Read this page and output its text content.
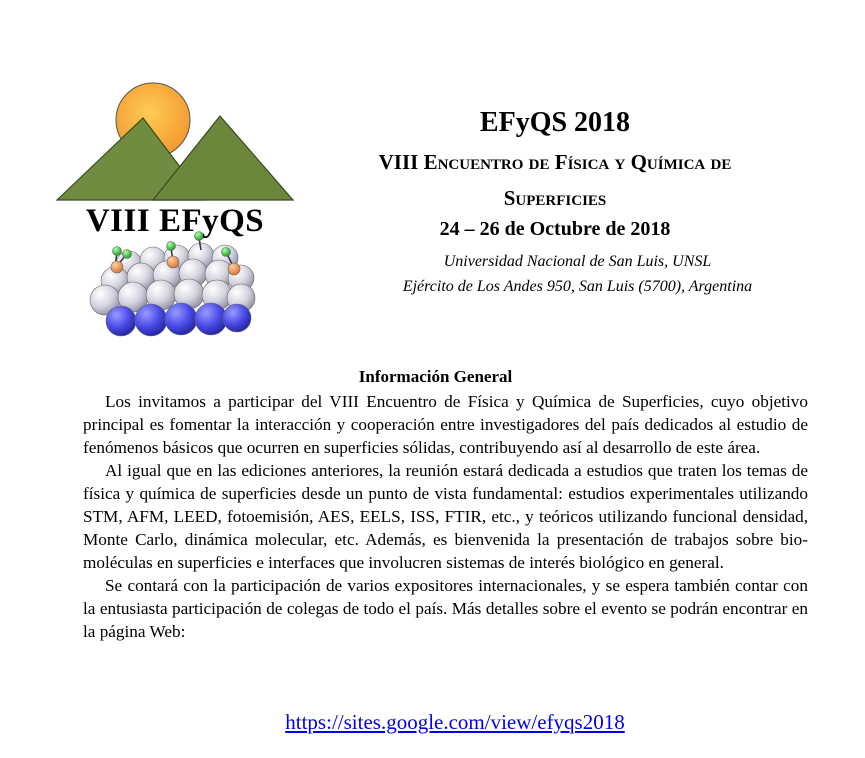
VIII EFyQS

EFyQS 2018

VIII Encuentro de Física y Química de
Superficies

24 – 26 de Octubre de 2018

Universidad Nacional de San Luis, UNSL
Ejército de Los Andes 950, San Luis (5700), Argentina

Información General

Los invitamos a participar del VIII Encuentro de Física y Química de Superficies, cuyo objetivo principal es fomentar la interacción y cooperación entre investigadores del país dedicados al estudio de fenómenos básicos que ocurren en superficies sólidas, contribuyendo así al desarrollo de este área.

Al igual que en las ediciones anteriores, la reunión estará dedicada a estudios que traten los temas de física y química de superficies desde un punto de vista fundamental: estudios experimentales utilizando STM, AFM, LEED, fotoemisión, AES, EELS, ISS, FTIR, etc., y teóricos utilizando funcional densidad, Monte Carlo, dinámica molecular, etc. Además, es bienvenida la presentación de trabajos sobre bio-moléculas en superficies e interfaces que involucren sistemas de interés biológico en general.

Se contará con la participación de varios expositores internacionales, y se espera también contar con la entusiasta participación de colegas de todo el país. Más detalles sobre el evento se podrán encontrar en la página Web:

https://sites.google.com/view/efyqs2018
